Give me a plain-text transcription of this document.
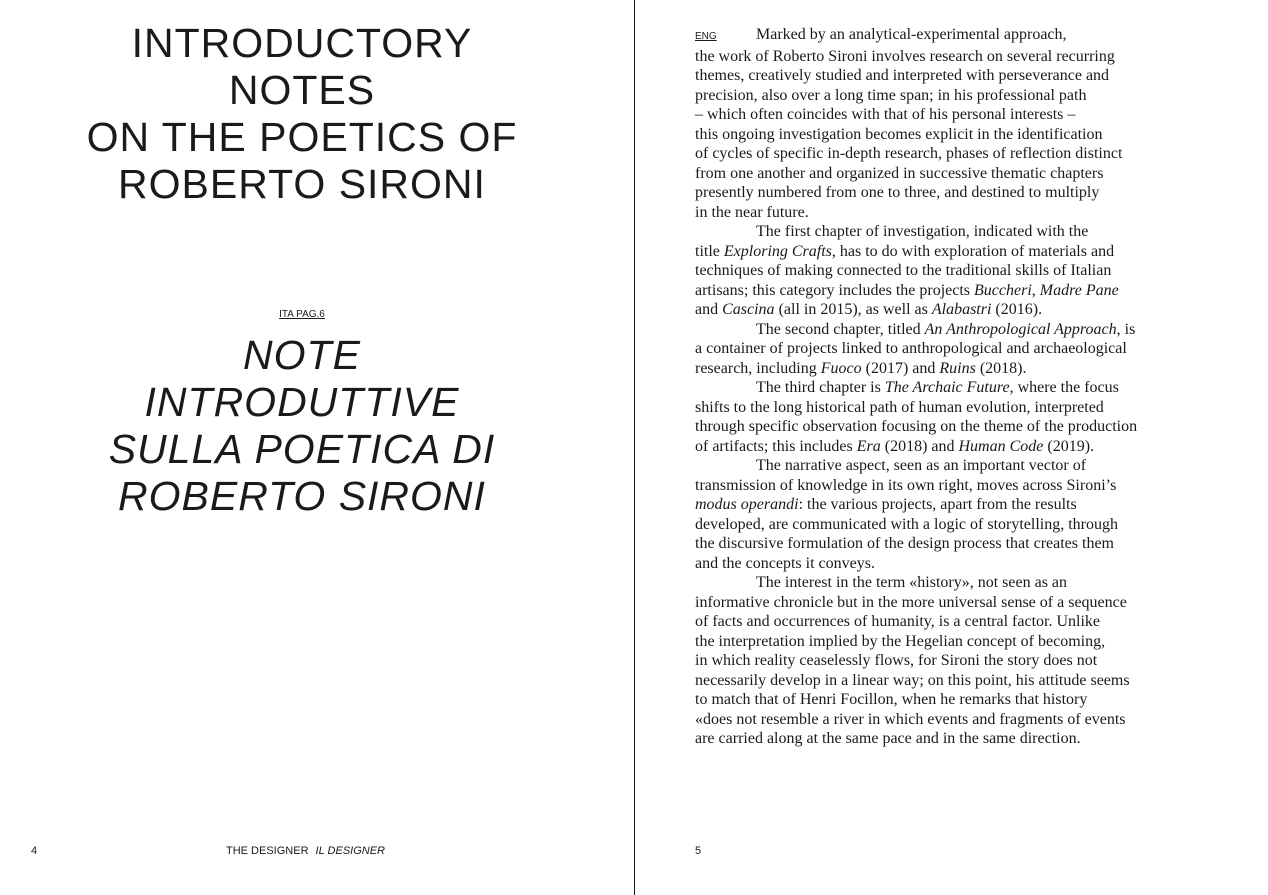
INTRODUCTORY
NOTES
ON THE POETICS OF
ROBERTO SIRONI
ITA PAG.6
NOTE
INTRODUTTIVE
SULLA POETICA DI
ROBERTO SIRONI
4	THE DESIGNER IL DESIGNER

ENG Marked by an analytical-experimental approach,

the work of Roberto Sironi involves research on several recurring

themes, creatively studied and interpreted with perseverance and

precision, also over a long time span; in his professional path

– which often coincides with that of his personal interests –

this ongoing investigation becomes explicit in the identification

of cycles of specific in-depth research, phases of reflection distinct

from one another and organized in successive thematic chapters

presently numbered from one to three, and destined to multiply

in the near future.

The first chapter of investigation, indicated with the

title Exploring Crafts, has to do with exploration of materials and

techniques of making connected to the traditional skills of Italian

artisans; this category includes the projects Buccheri, Madre Pane

and Cascina (all in 2015), as well as Alabastri (2016).

The second chapter, titled An Anthropological Approach, is

a container of projects linked to anthropological and archaeological

research, including Fuoco (2017) and Ruins (2018).

The third chapter is The Archaic Future, where the focus

shifts to the long historical path of human evolution, interpreted

through specific observation focusing on the theme of the production

of artifacts; this includes Era (2018) and Human Code (2019).

The narrative aspect, seen as an important vector of

transmission of knowledge in its own right, moves across Sironi’s

modus operandi: the various projects, apart from the results

developed, are communicated with a logic of storytelling, through

the discursive formulation of the design process that creates them

and the concepts it conveys.

The interest in the term «history», not seen as an

informative chronicle but in the more universal sense of a sequence

of facts and occurrences of humanity, is a central factor. Unlike

the interpretation implied by the Hegelian concept of becoming,

in which reality ceaselessly flows, for Sironi the story does not

necessarily develop in a linear way; on this point, his attitude seems

to match that of Henri Focillon, when he remarks that history

«does not resemble a river in which events and fragments of events

are carried along at the same pace and in the same direction.

5
